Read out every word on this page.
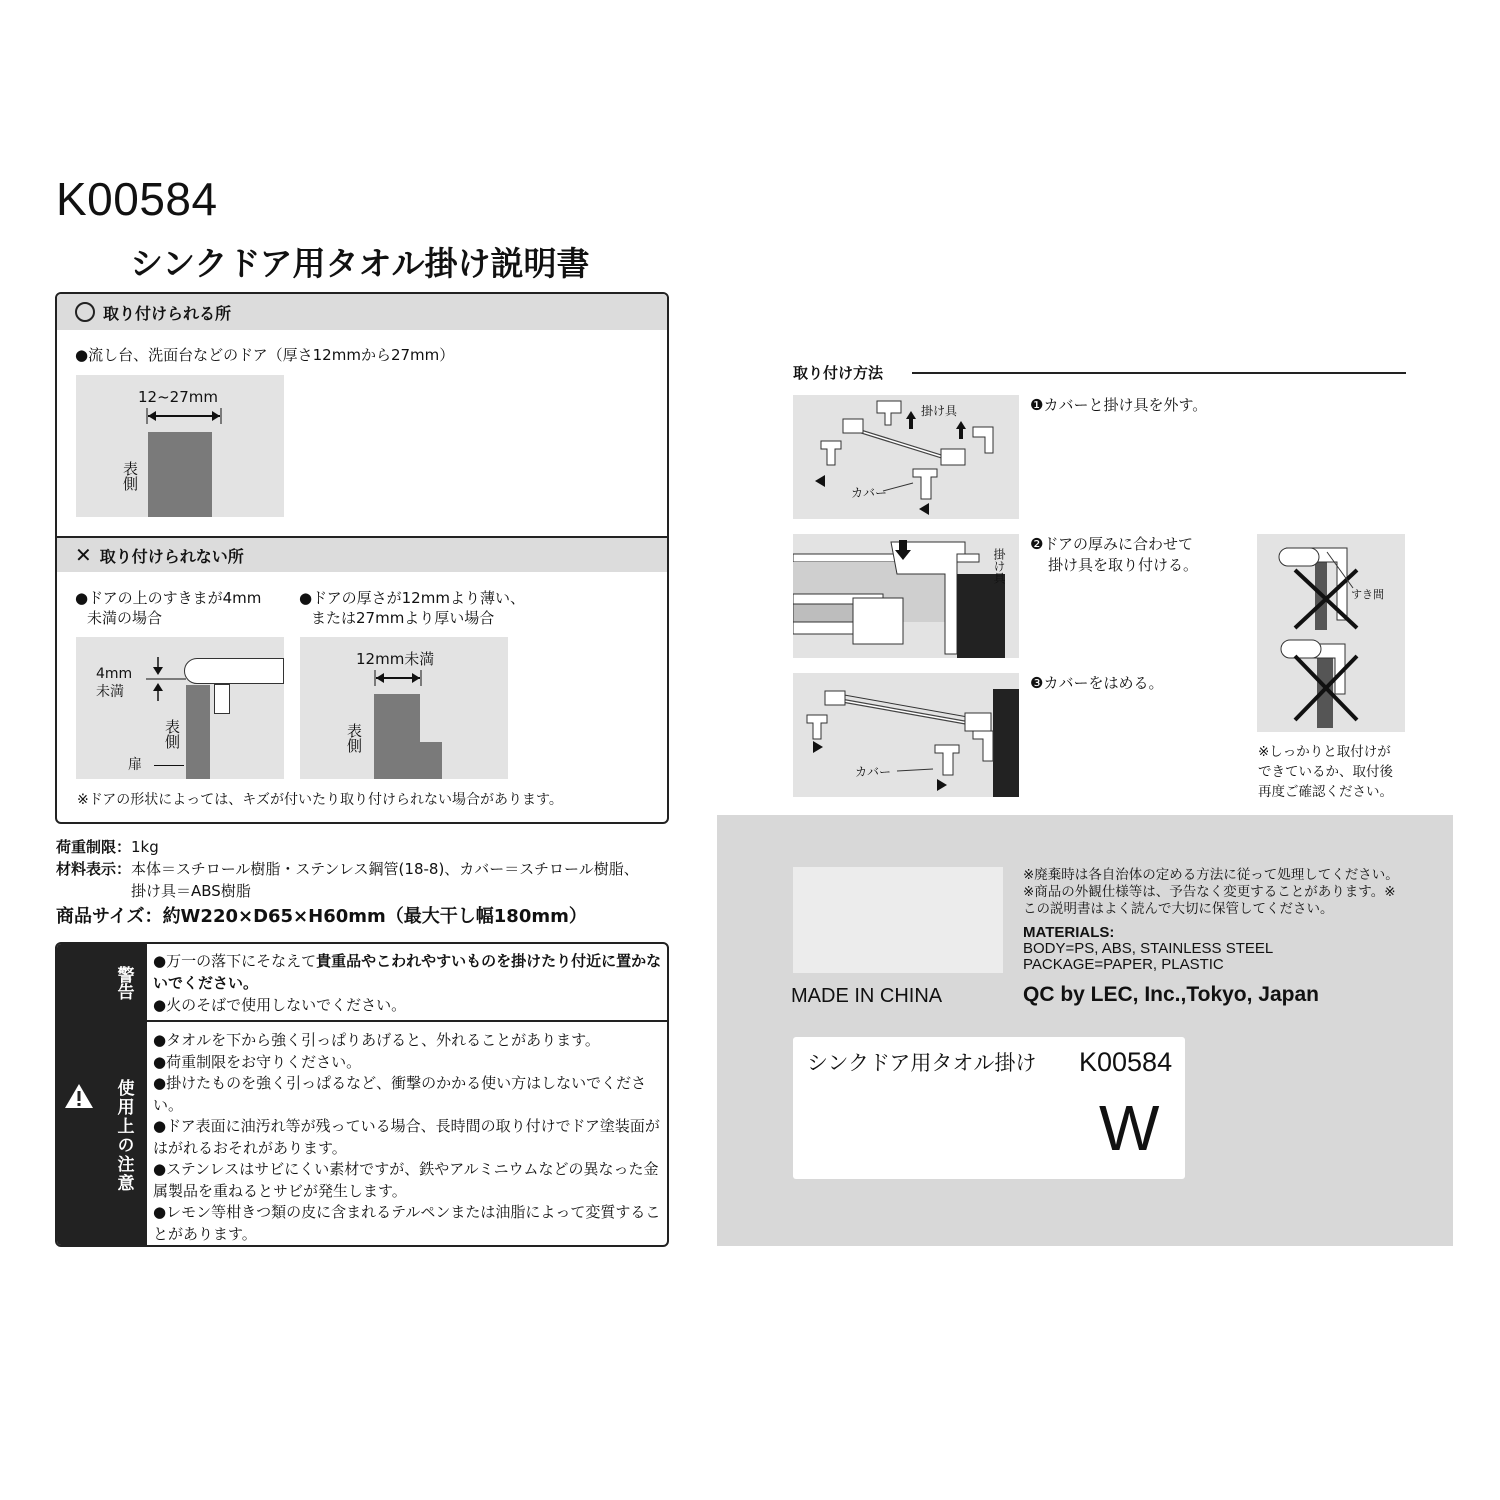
K00584
シンクドア用タオル掛け説明書
取り付けられる所
●流し台、洗面台などのドア（厚さ12mmから27mm）
12~27mm
表側
✕ 取り付けられない所
●ドアの上のすきまが4mm
未満の場合
●ドアの厚さが12mmより薄い、
または27mmより厚い場合
4mm
未満
表側
扉
12mm未満
表側
※ドアの形状によっては、キズが付いたり取り付けられない場合があります。
荷重制限： 1kg
材料表示： 本体＝スチロール樹脂・ステンレス鋼管(18-8)、カバー＝スチロール樹脂、
掛け具＝ABS樹脂
商品サイズ： 約W220×D65×H60mm（最大干し幅180mm）
警告
使用上の注意
●万一の落下にそなえて貴重品やこわれやすいものを掛けたり付近に置かないでください。
●火のそばで使用しないでください。
●タオルを下から強く引っぱりあげると、外れることがあります。
●荷重制限をお守りください。
●掛けたものを強く引っぱるなど、衝撃のかかる使い方はしないでください。
●ドア表面に油汚れ等が残っている場合、長時間の取り付けでドア塗装面がはがれるおそれがあります。
●ステンレスはサビにくい素材ですが、鉄やアルミニウムなどの異なった金属製品を重ねるとサビが発生します。
●レモン等柑きつ類の皮に含まれるテルペンまたは油脂によって変質することがあります。
取り付け方法
掛け具
カバー
❶カバーと掛け具を外す。
掛け具
❷ドアの厚みに合わせて
掛け具を取り付ける。
カバー
❸カバーをはめる。
すき間
※しっかりと取付けが
できているか、取付後
再度ご確認ください。
※廃棄時は各自治体の定める方法に従って処理してください。※商品の外観仕様等は、予告なく変更することがあります。※この説明書はよく読んで大切に保管してください。
MATERIALS:
BODY=PS, ABS, STAINLESS STEEL
PACKAGE=PAPER, PLASTIC
MADE IN CHINA	QC by LEC, Inc.,Tokyo, Japan
シンクドア用タオル掛け K00584
W
